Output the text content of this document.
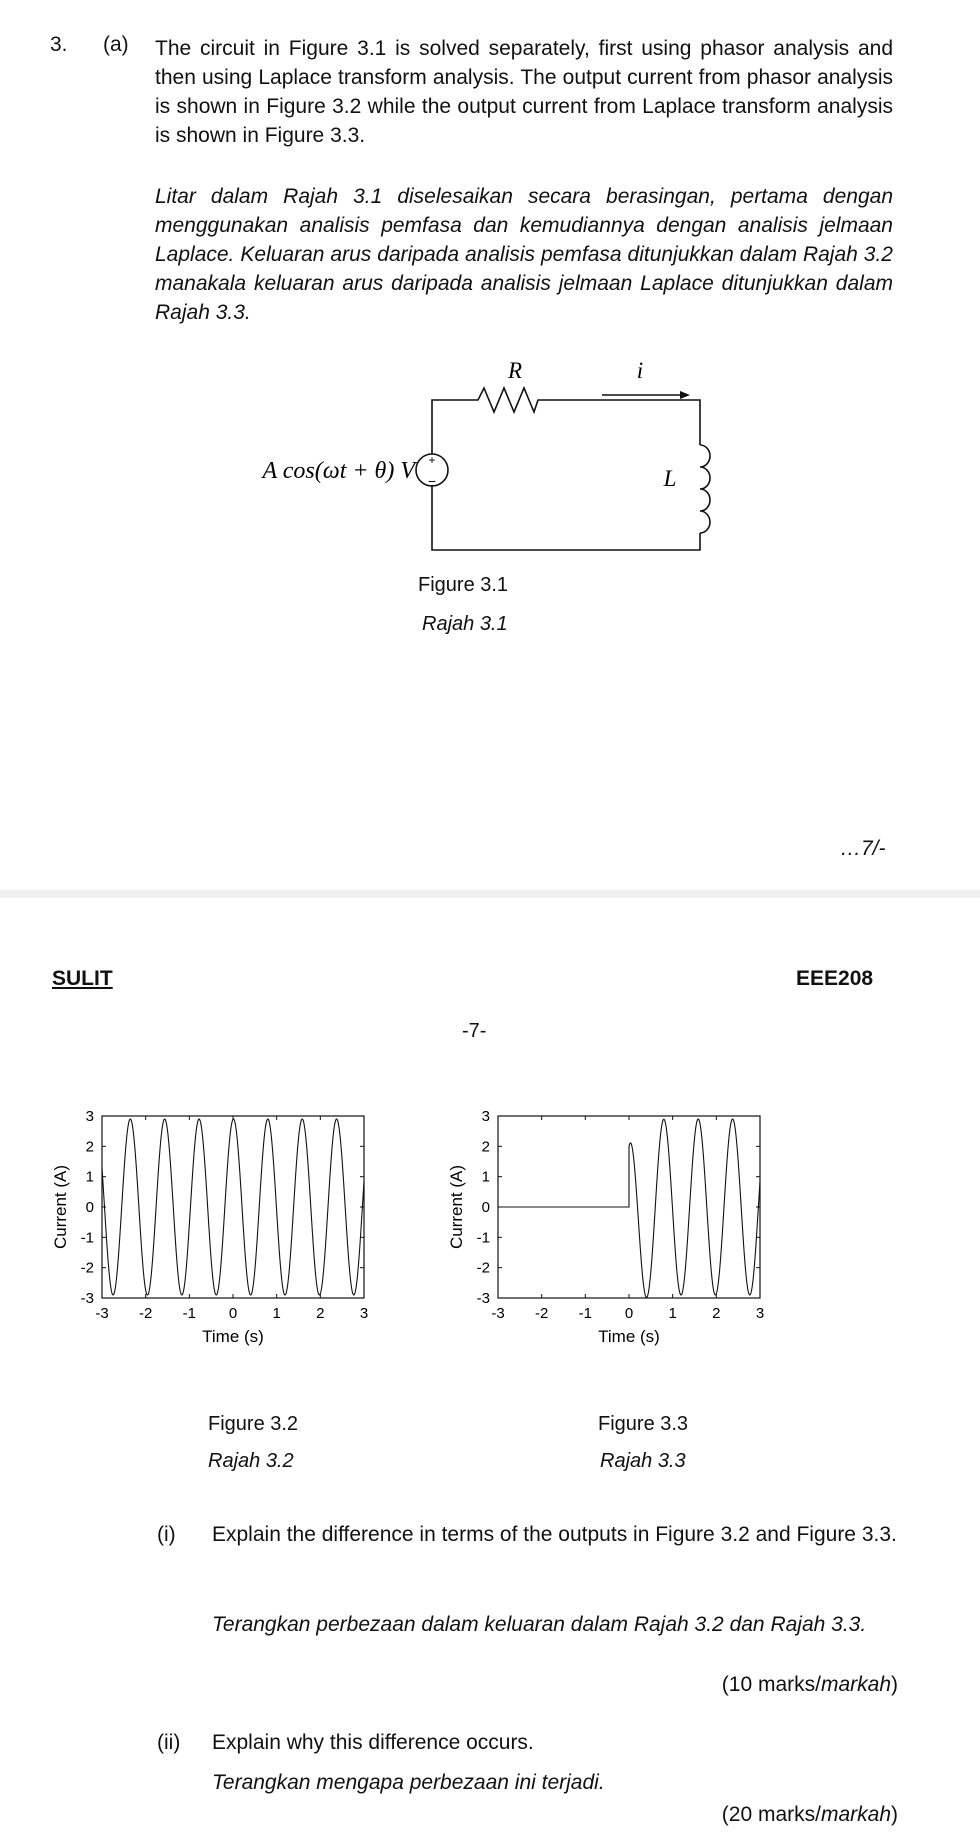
3. (a) The circuit in Figure 3.1 is solved separately, first using phasor analysis and then using Laplace transform analysis. The output current from phasor analysis is shown in Figure 3.2 while the output current from Laplace transform analysis is shown in Figure 3.3.
Litar dalam Rajah 3.1 diselesaikan secara berasingan, pertama dengan menggunakan analisis pemfasa dan kemudiannya dengan analisis jelmaan Laplace. Keluaran arus daripada analisis pemfasa ditunjukkan dalam Rajah 3.2 manakala keluaran arus daripada analisis jelmaan Laplace ditunjukkan dalam Rajah 3.3.
+
−
A cos(ωt + θ) V
R	i
L
Figure 3.1
Rajah 3.1
…7/-
SULIT	EEE208
-7-
-3 -2 -1 0 1 2 3
3
2
1
0
-1
-2
-3
Time (s)
Current (A)
-3 -2 -1 0 1 2 3
3
2
1
0
-1
-2
-3
Time (s)
Current (A)
Figure 3.2
Rajah 3.2
Figure 3.3
Rajah 3.3
(i) Explain the difference in terms of the outputs in Figure 3.2 and Figure 3.3.
Terangkan perbezaan dalam keluaran dalam Rajah 3.2 dan Rajah 3.3.
(10 marks/markah)
(ii) Explain why this difference occurs.
Terangkan mengapa perbezaan ini terjadi.
(20 marks/markah)
